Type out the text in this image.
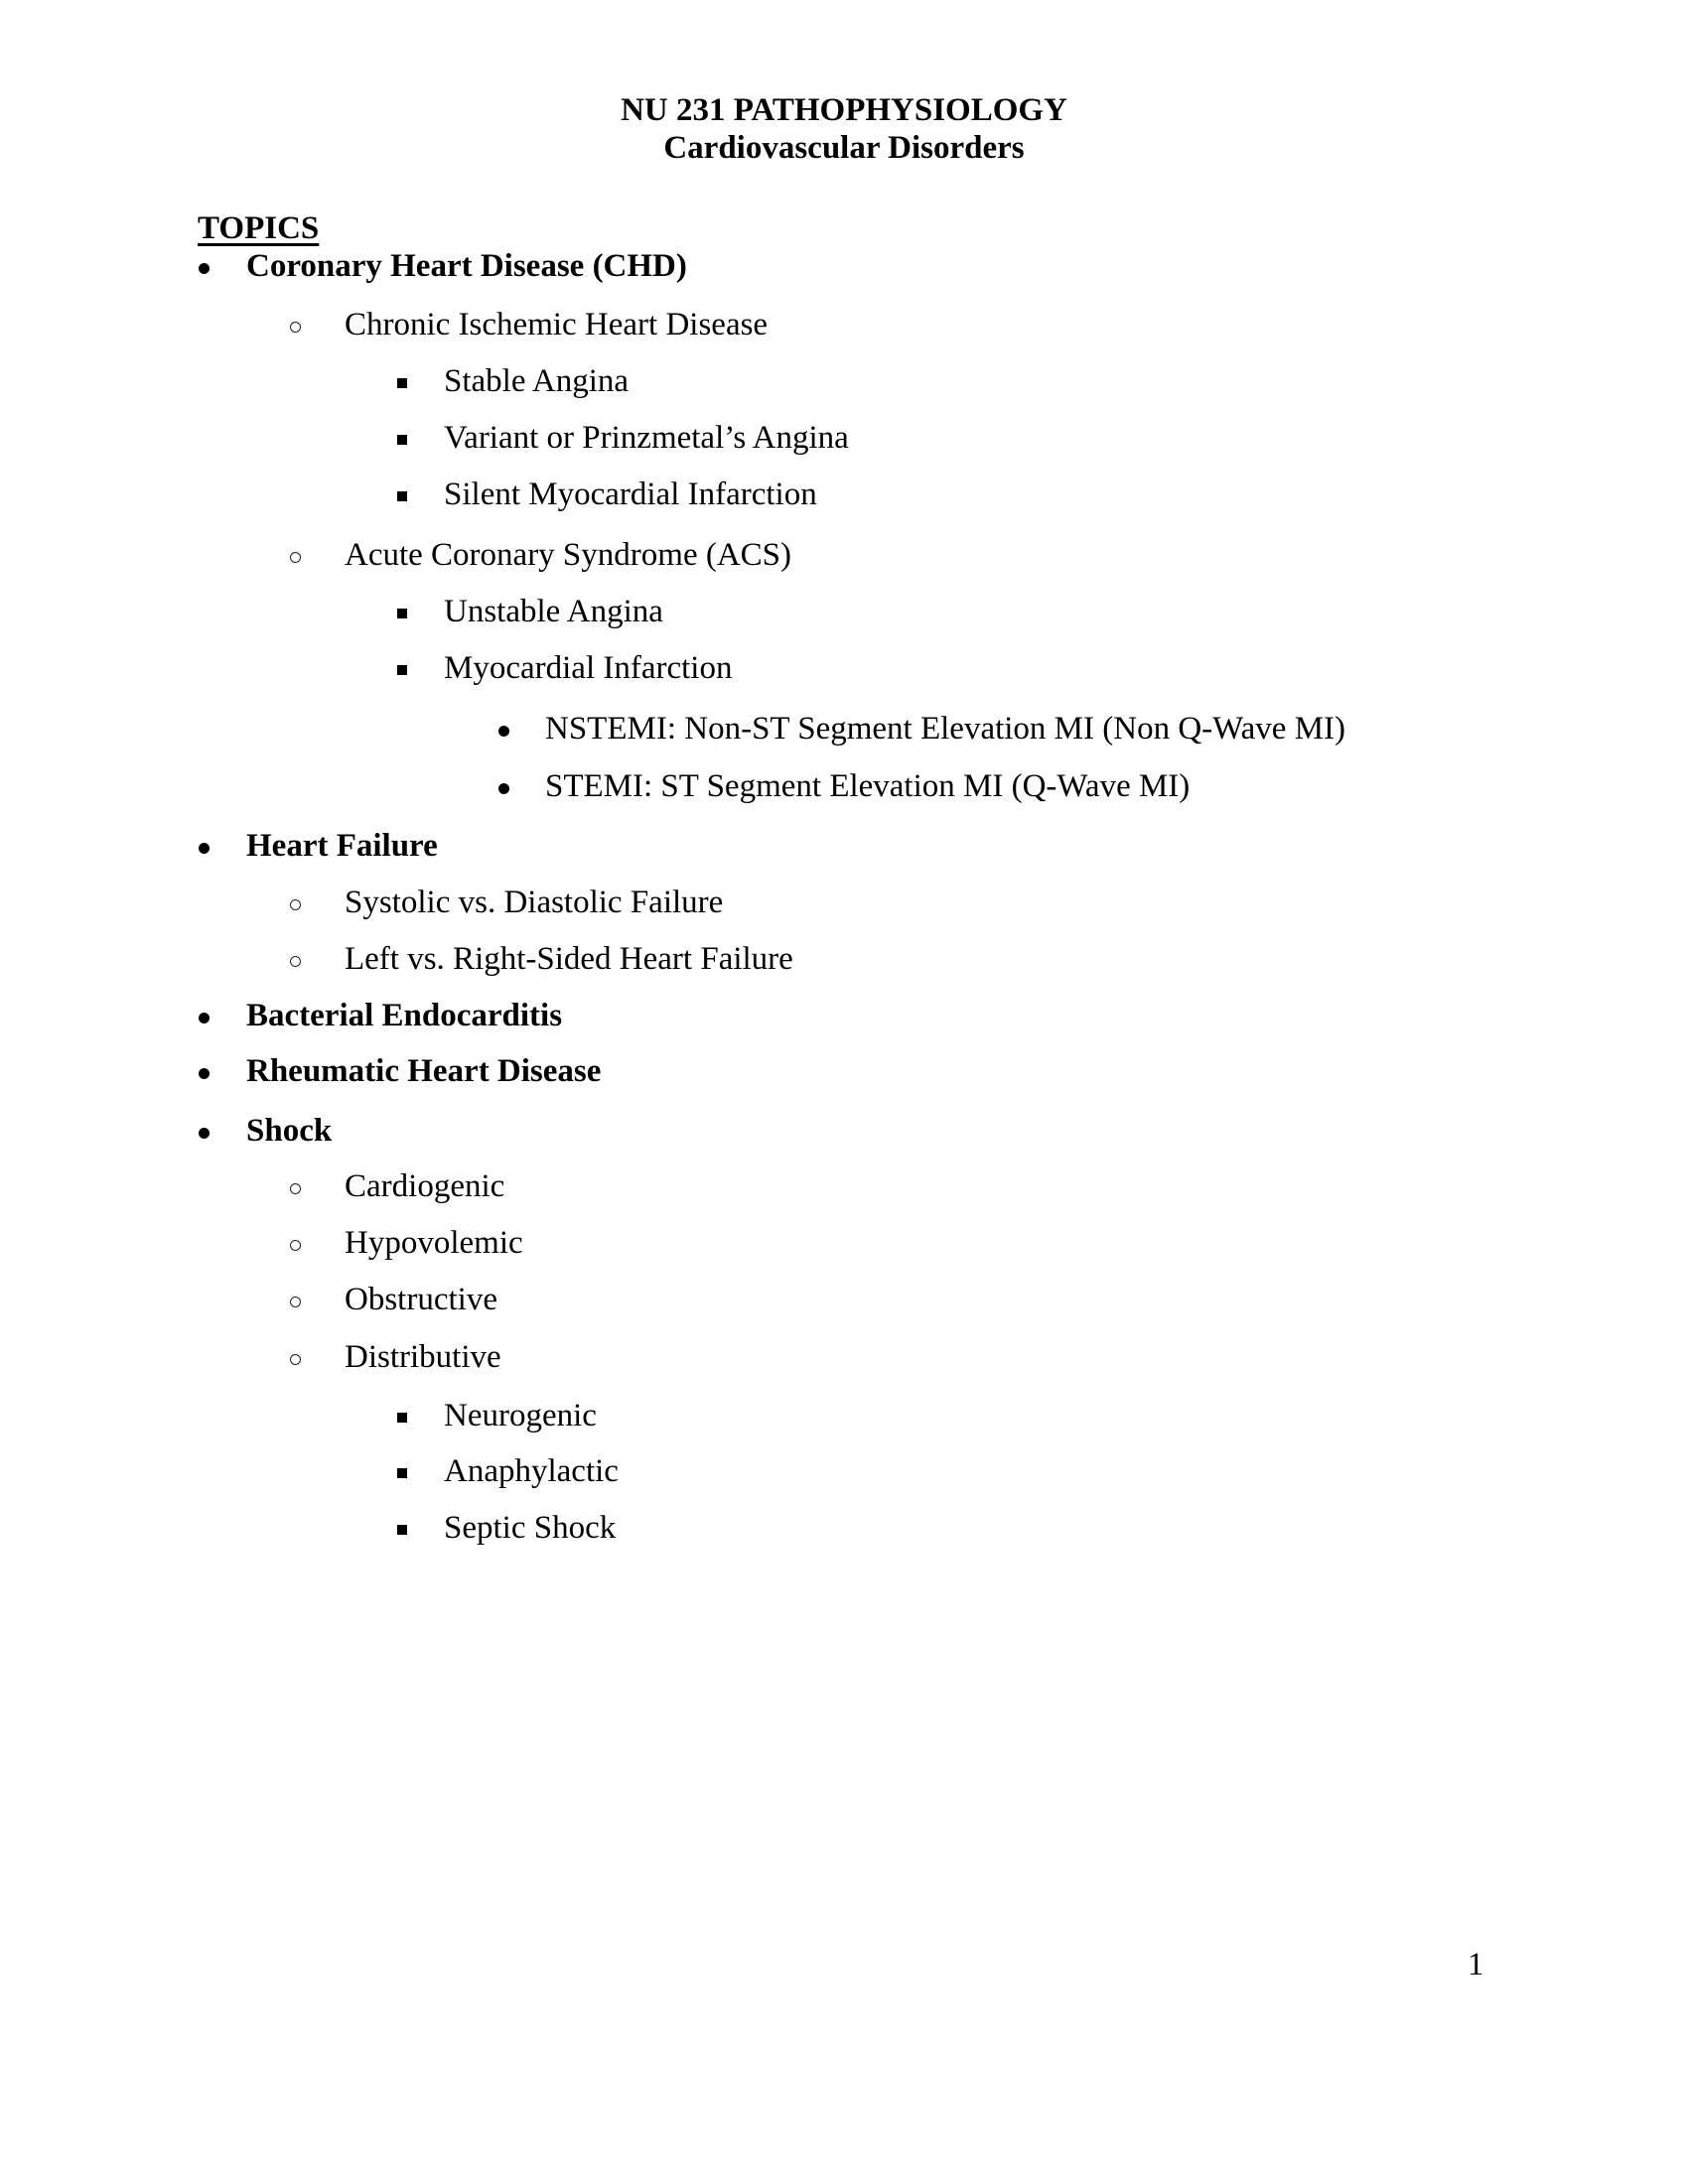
NU 231 PATHOPHYSIOLOGY
Cardiovascular Disorders
TOPICS
Coronary Heart Disease (CHD)
Chronic Ischemic Heart Disease
Stable Angina
Variant or Prinzmetal’s Angina
Silent Myocardial Infarction
Acute Coronary Syndrome (ACS)
Unstable Angina
Myocardial Infarction
NSTEMI: Non-ST Segment Elevation MI (Non Q-Wave MI)
STEMI: ST Segment Elevation MI (Q-Wave MI)
Heart Failure
Systolic vs. Diastolic Failure
Left vs. Right-Sided Heart Failure
Bacterial Endocarditis
Rheumatic Heart Disease
Shock
Cardiogenic
Hypovolemic
Obstructive
Distributive
Neurogenic
Anaphylactic
Septic Shock
1
